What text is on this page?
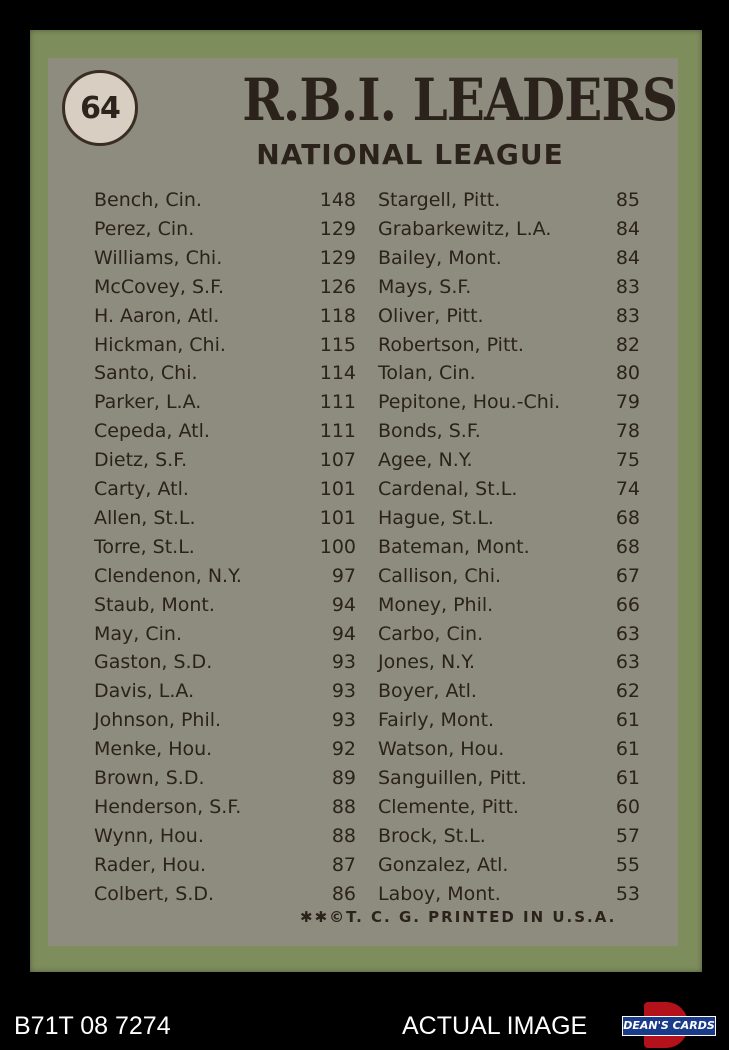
64 R.B.I. LEADERS
NATIONAL LEAGUE
Bench, Cin.	148
Perez, Cin.	129
Williams, Chi.	129
McCovey, S.F.	126
H. Aaron, Atl.	118
Hickman, Chi.	115
Santo, Chi.	114
Parker, L.A.	111
Cepeda, Atl.	111
Dietz, S.F.	107
Carty, Atl.	101
Allen, St.L.	101
Torre, St.L.	100
Clendenon, N.Y.	97
Staub, Mont.	94
May, Cin.	94
Gaston, S.D.	93
Davis, L.A.	93
Johnson, Phil.	93
Menke, Hou.	92
Brown, S.D.	89
Henderson, S.F.	88
Wynn, Hou.	88
Rader, Hou.	87
Colbert, S.D.	86
Stargell, Pitt.	85
Grabarkewitz, L.A.	84
Bailey, Mont.	84
Mays, S.F.	83
Oliver, Pitt.	83
Robertson, Pitt.	82
Tolan, Cin.	80
Pepitone, Hou.-Chi.	79
Bonds, S.F.	78
Agee, N.Y.	75
Cardenal, St.L.	74
Hague, St.L.	68
Bateman, Mont.	68
Callison, Chi.	67
Money, Phil.	66
Carbo, Cin.	63
Jones, N.Y.	63
Boyer, Atl.	62
Fairly, Mont.	61
Watson, Hou.	61
Sanguillen, Pitt.	61
Clemente, Pitt.	60
Brock, St.L.	57
Gonzalez, Atl.	55
Laboy, Mont.	53
✱✱©T. C. G. PRINTED IN U.S.A.
B71T 08 7274	ACTUAL IMAGE	DEAN'S CARDS
